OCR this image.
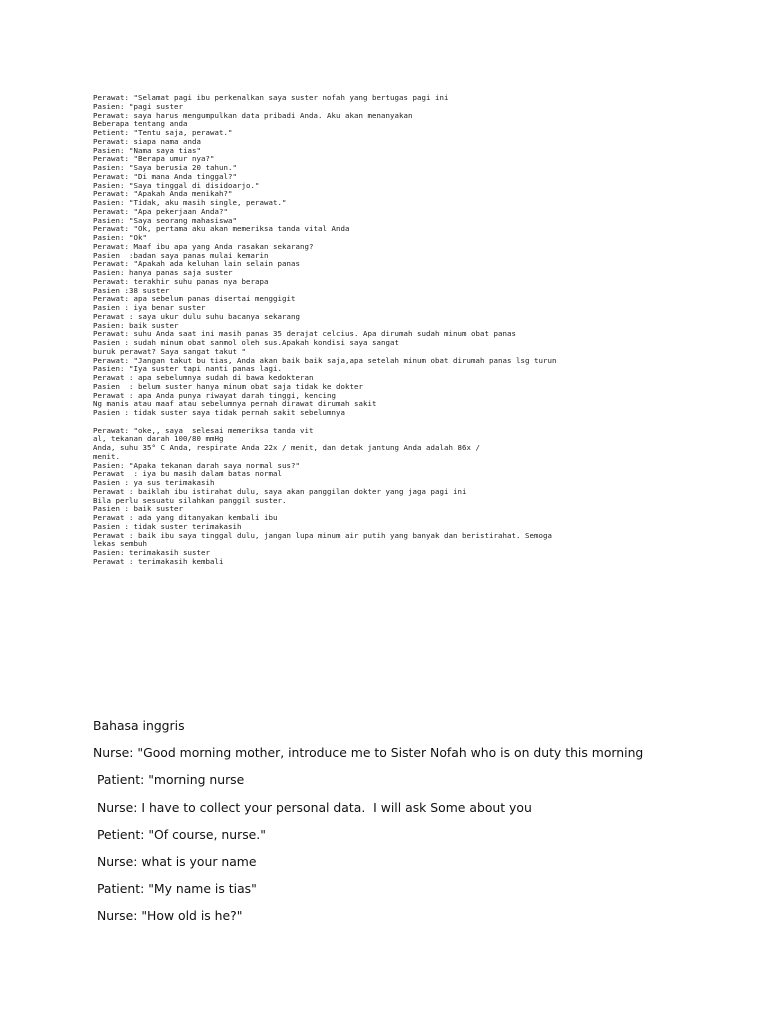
Perawat: "Selamat pagi ibu perkenalkan saya suster nofah yang bertugas pagi ini
Pasien: "pagi suster
Perawat: saya harus mengumpulkan data pribadi Anda. Aku akan menanyakan
Beberapa tentang anda
Petient: "Tentu saja, perawat."
Perawat: siapa nama anda
Pasien: "Nama saya tias"
Perawat: "Berapa umur nya?"
Pasien: "Saya berusia 20 tahun."
Perawat: "Di mana Anda tinggal?"
Pasien: "Saya tinggal di disidoarjo."
Perawat: "Apakah Anda menikah?"
Pasien: "Tidak, aku masih single, perawat."
Perawat: "Apa pekerjaan Anda?"
Pasien: "Saya seorang mahasiswa"
Perawat: "Ok, pertama aku akan memeriksa tanda vital Anda
Pasien: "Ok"
Perawat: Maaf ibu apa yang Anda rasakan sekarang?
Pasien  :badan saya panas mulai kemarin
Perawat: "Apakah ada keluhan lain selain panas
Pasien: hanya panas saja suster
Perawat: terakhir suhu panas nya berapa
Pasien :38 suster
Perawat: apa sebelum panas disertai menggigit
Pasien : iya benar suster
Perawat : saya ukur dulu suhu bacanya sekarang
Pasien: baik suster
Perawat: suhu Anda saat ini masih panas 35 derajat celcius. Apa dirumah sudah minum obat panas
Pasien : sudah minum obat sanmol oleh sus.Apakah kondisi saya sangat
buruk perawat? Saya sangat takut "
Perawat: "Jangan takut bu tias, Anda akan baik baik saja,apa setelah minum obat dirumah panas lsg turun
Pasien: "Iya suster tapi nanti panas lagi.
Perawat : apa sebelumnya sudah di bawa kedokteran
Pasien  : belum suster hanya minum obat saja tidak ke dokter
Perawat : apa Anda punya riwayat darah tinggi, kencing
Ng manis atau maaf atau sebelumnya pernah dirawat dirumah sakit
Pasien : tidak suster saya tidak pernah sakit sebelumnya
Perawat: "oke,, saya  selesai memeriksa tanda vit
al, tekanan darah 100/80 mmHg
Anda, suhu 35° C Anda, respirate Anda 22x / menit, dan detak jantung Anda adalah 86x /
menit.
Pasien: "Apaka tekanan darah saya normal sus?"
Perawat  : iya bu masih dalam batas normal
Pasien : ya sus terimakasih
Perawat : baiklah ibu istirahat dulu, saya akan panggilan dokter yang jaga pagi ini
Bila perlu sesuatu silahkan panggil suster.
Pasien : baik suster
Perawat : ada yang ditanyakan kembali ibu
Pasien : tidak suster terimakasih
Perawat : baik ibu saya tinggal dulu, jangan lupa minum air putih yang banyak dan beristirahat. Semoga
lekas sembuh
Pasien: terimakasih suster
Perawat : terimakasih kembali
Bahasa inggris
Nurse: "Good morning mother, introduce me to Sister Nofah who is on duty this morning
Patient: "morning nurse
Nurse: I have to collect your personal data.  I will ask Some about you
Petient: "Of course, nurse."
Nurse: what is your name
Patient: "My name is tias"
Nurse: "How old is he?"
